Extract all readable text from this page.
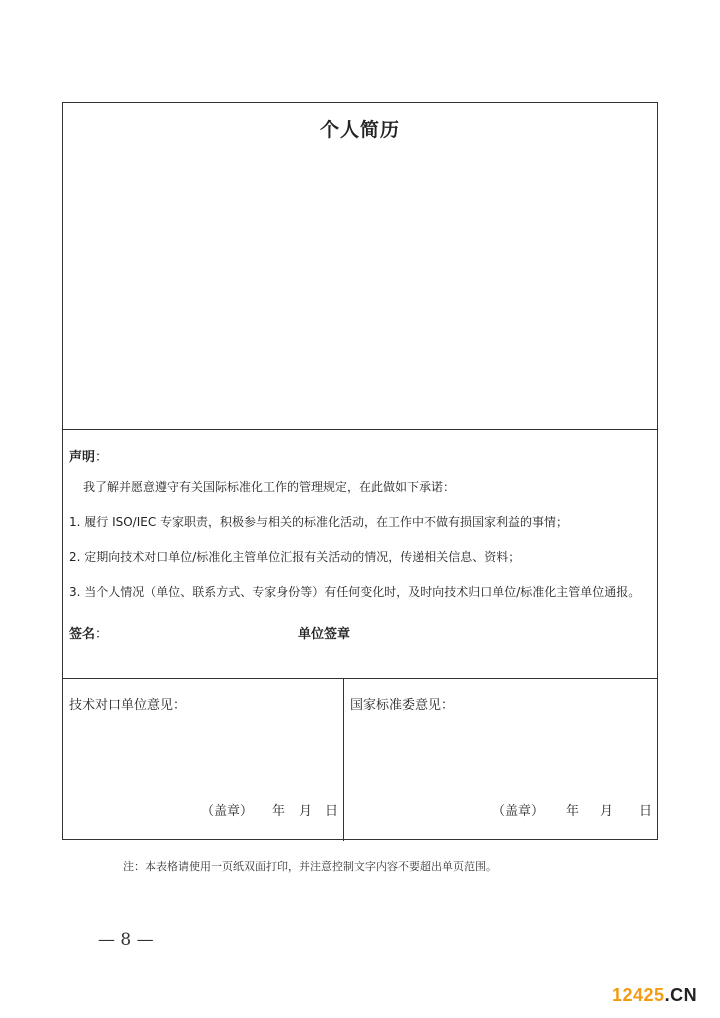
个人简历
声明：
我了解并愿意遵守有关国际标准化工作的管理规定，在此做如下承诺：
1. 履行 ISO/IEC 专家职责，积极参与相关的标准化活动，在工作中不做有损国家利益的事情；
2. 定期向技术对口单位/标准化主管单位汇报有关活动的情况，传递相关信息、资料；
3. 当个人情况（单位、联系方式、专家身份等）有任何变化时，及时向技术归口单位/标准化主管单位通报。
签名：	单位签章
技术对口单位意见：
（盖章） 年 月 日
国家标准委意见：
（盖章） 年 月 日
注：本表格请使用一页纸双面打印，并注意控制文字内容不要超出单页范围。
— 8 —
12425.CN
